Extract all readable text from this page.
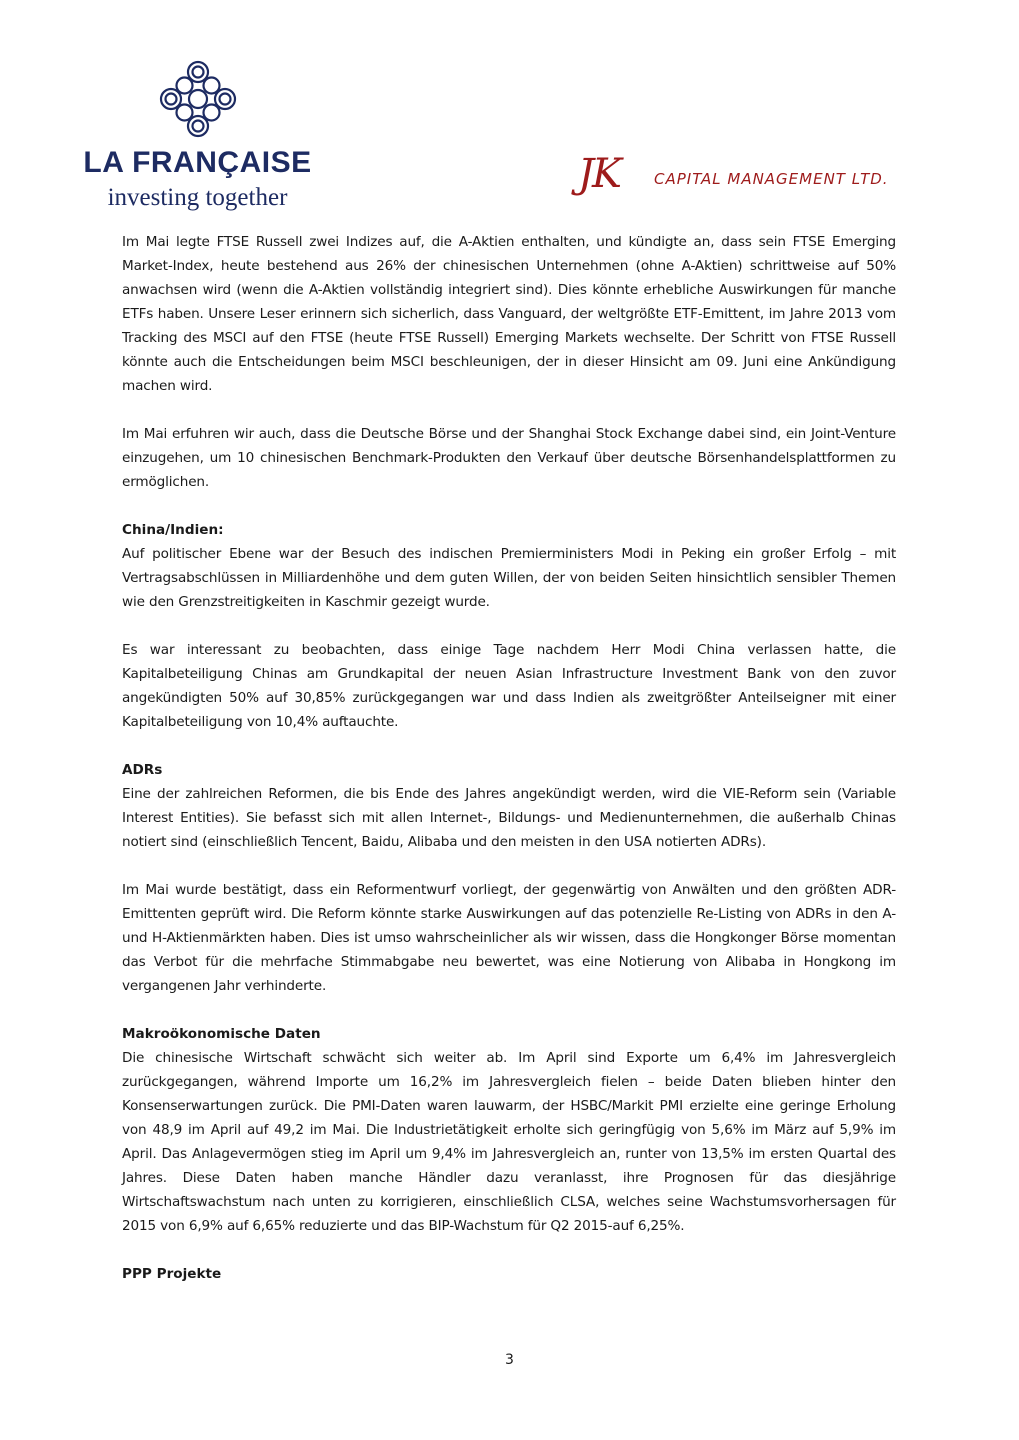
LA FRANÇAISE
investing together
JK CAPITAL MANAGEMENT LTD.

Im Mai legte FTSE Russell zwei Indizes auf, die A-Aktien enthalten, und kündigte an, dass sein FTSE Emerging Market-Index, heute bestehend aus 26% der chinesischen Unternehmen (ohne A-Aktien) schrittweise auf 50% anwachsen wird (wenn die A-Aktien vollständig integriert sind). Dies könnte erhebliche Auswirkungen für manche ETFs haben. Unsere Leser erinnern sich sicherlich, dass Vanguard, der weltgrößte ETF-Emittent, im Jahre 2013 vom Tracking des MSCI auf den FTSE (heute FTSE Russell) Emerging Markets wechselte. Der Schritt von FTSE Russell könnte auch die Entscheidungen beim MSCI beschleunigen, der in dieser Hinsicht am 09. Juni eine Ankündigung machen wird.

Im Mai erfuhren wir auch, dass die Deutsche Börse und der Shanghai Stock Exchange dabei sind, ein Joint-Venture einzugehen, um 10 chinesischen Benchmark-Produkten den Verkauf über deutsche Börsenhandelsplattformen zu ermöglichen.

China/Indien:

Auf politischer Ebene war der Besuch des indischen Premierministers Modi in Peking ein großer Erfolg – mit Vertragsabschlüssen in Milliardenhöhe und dem guten Willen, der von beiden Seiten hinsichtlich sensibler Themen wie den Grenzstreitigkeiten in Kaschmir gezeigt wurde.

Es war interessant zu beobachten, dass einige Tage nachdem Herr Modi China verlassen hatte, die Kapitalbeteiligung Chinas am Grundkapital der neuen Asian Infrastructure Investment Bank von den zuvor angekündigten 50% auf 30,85% zurückgegangen war und dass Indien als zweitgrößter Anteilseigner mit einer Kapitalbeteiligung von 10,4% auftauchte.

ADRs

Eine der zahlreichen Reformen, die bis Ende des Jahres angekündigt werden, wird die VIE-Reform sein (Variable Interest Entities). Sie befasst sich mit allen Internet-, Bildungs- und Medienunternehmen, die außerhalb Chinas notiert sind (einschließlich Tencent, Baidu, Alibaba und den meisten in den USA notierten ADRs).

Im Mai wurde bestätigt, dass ein Reformentwurf vorliegt, der gegenwärtig von Anwälten und den größten ADR-Emittenten geprüft wird. Die Reform könnte starke Auswirkungen auf das potenzielle Re-Listing von ADRs in den A- und H-Aktienmärkten haben. Dies ist umso wahrscheinlicher als wir wissen, dass die Hongkonger Börse momentan das Verbot für die mehrfache Stimmabgabe neu bewertet, was eine Notierung von Alibaba in Hongkong im vergangenen Jahr verhinderte.

Makroökonomische Daten

Die chinesische Wirtschaft schwächt sich weiter ab. Im April sind Exporte um 6,4% im Jahresvergleich zurückgegangen, während Importe um 16,2% im Jahresvergleich fielen – beide Daten blieben hinter den Konsenserwartungen zurück. Die PMI-Daten waren lauwarm, der HSBC/Markit PMI erzielte eine geringe Erholung von 48,9 im April auf 49,2 im Mai. Die Industrietätigkeit erholte sich geringfügig von 5,6% im März auf 5,9% im April. Das Anlagevermögen stieg im April um 9,4% im Jahresvergleich an, runter von 13,5% im ersten Quartal des Jahres. Diese Daten haben manche Händler dazu veranlasst, ihre Prognosen für das diesjährige Wirtschaftswachstum nach unten zu korrigieren, einschließlich CLSA, welches seine Wachstumsvorhersagen für 2015 von 6,9% auf 6,65% reduzierte und das BIP-Wachstum für Q2 2015-auf 6,25%.

PPP Projekte
3
